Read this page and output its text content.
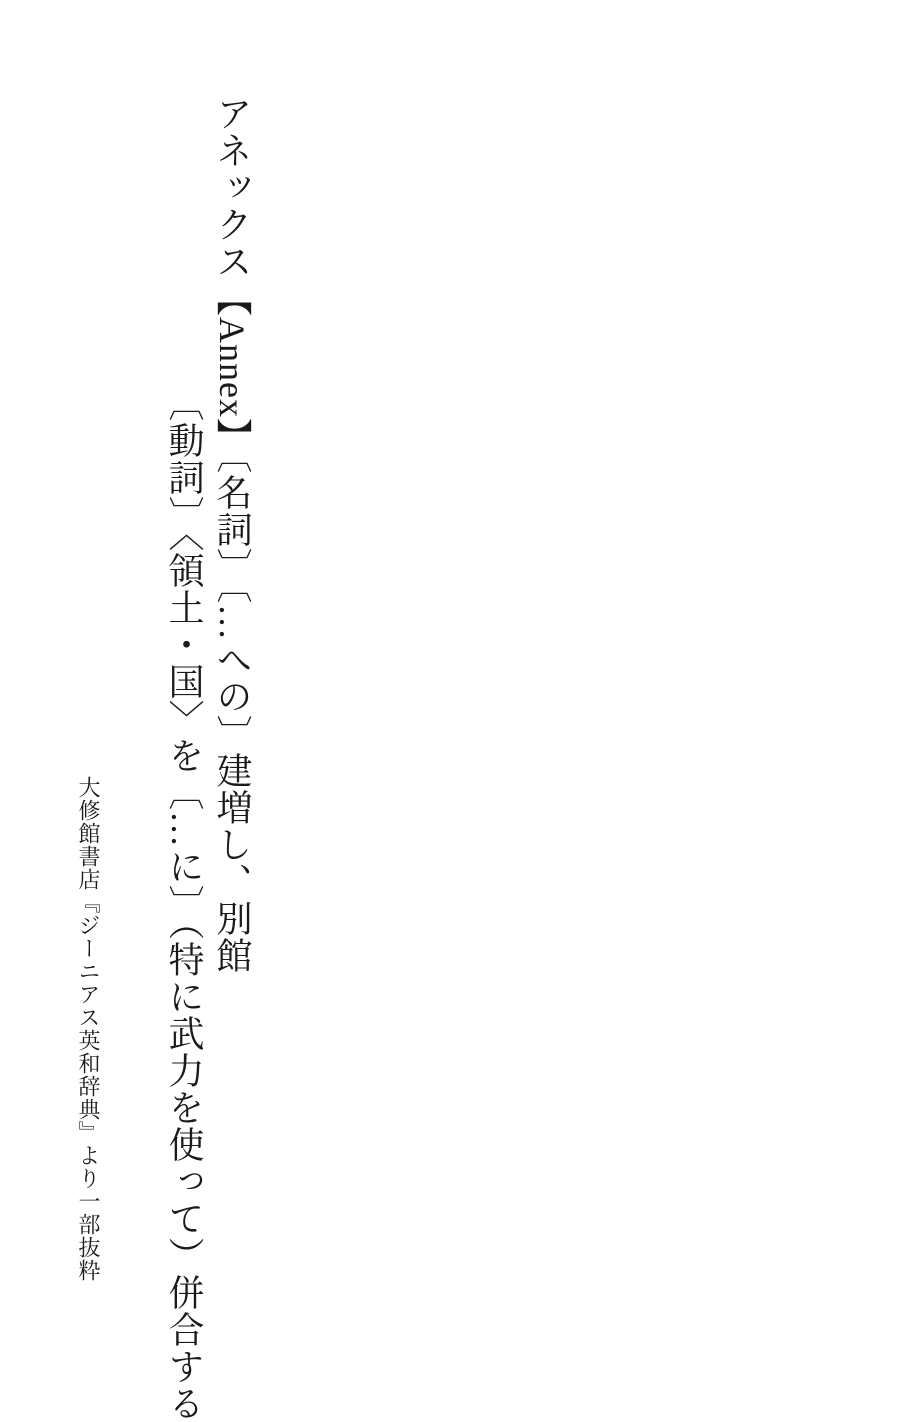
アネックス【Annex】〔名詞〕〔…への〕建増し、別館

〔動詞〕〈領土・国〉を〔…に〕（特に武力を使って）併合する

大修館書店『ジーニアス英和辞典』より一部抜粋
